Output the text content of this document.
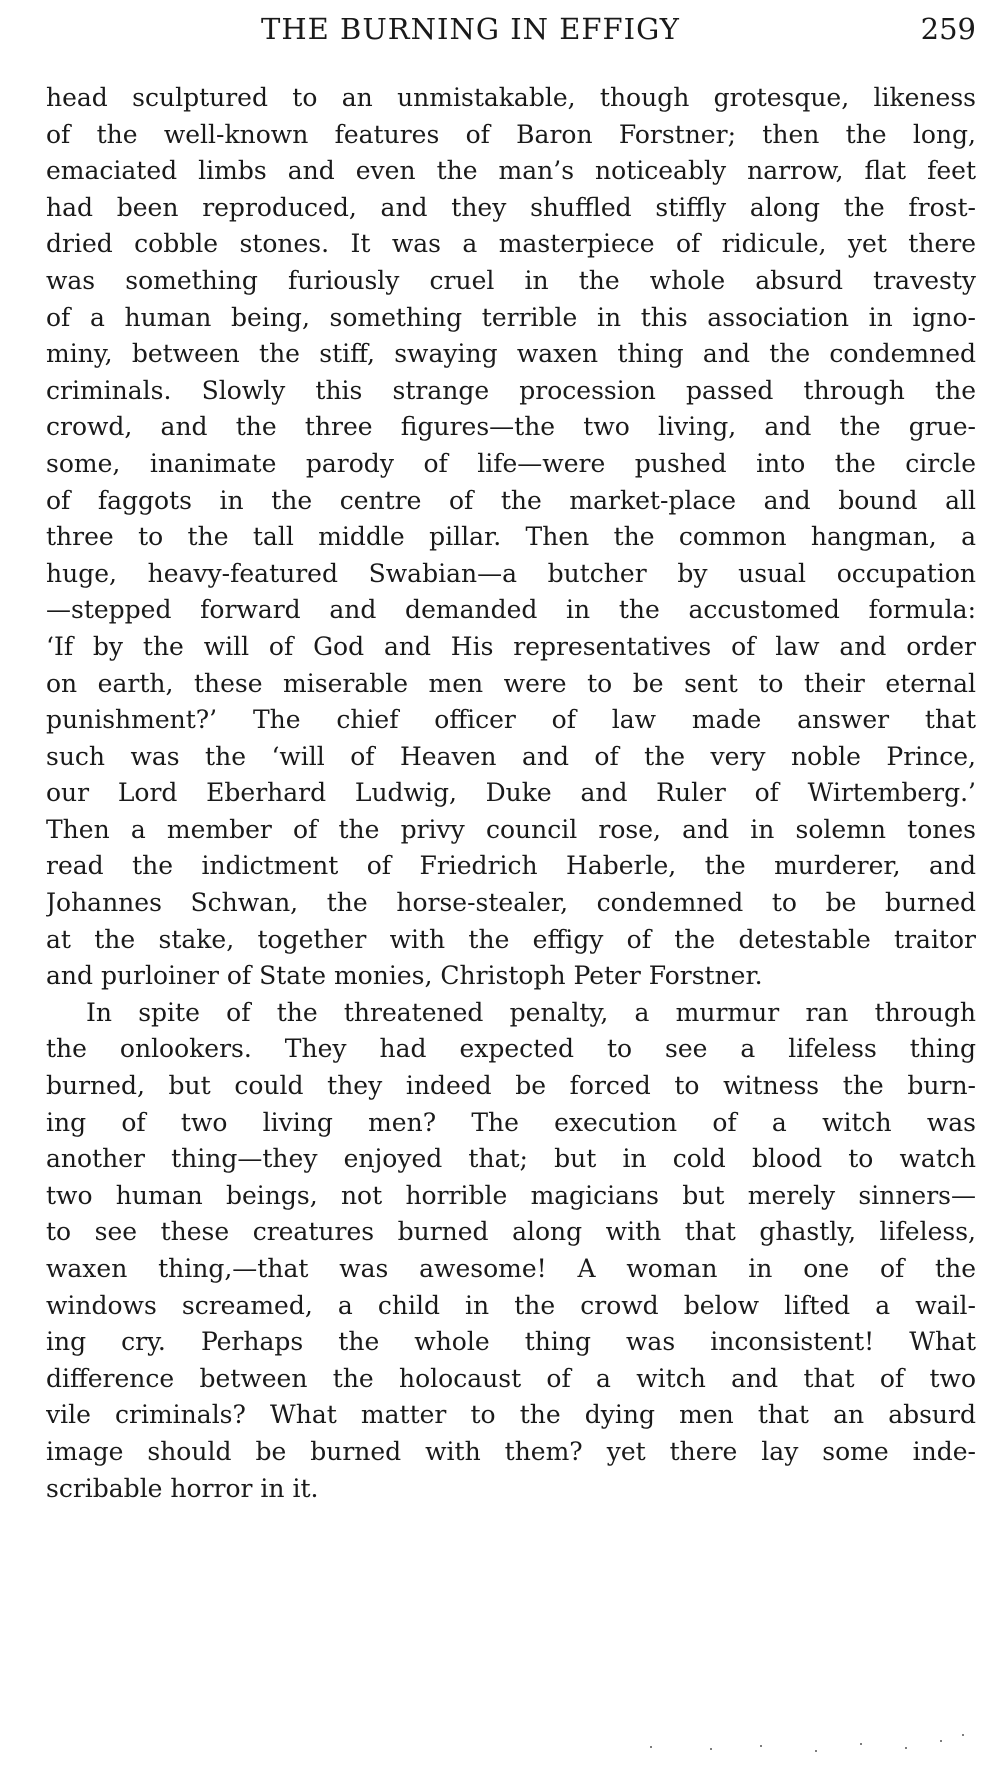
THE BURNING IN EFFIGY	259
head sculptured to an unmistakable, though grotesque, likeness
of the well-known features of Baron Forstner; then the long,
emaciated limbs and even the man’s noticeably narrow, flat feet
had been reproduced, and they shuffled stiffly along the frost-
dried cobble stones. It was a masterpiece of ridicule, yet there
was something furiously cruel in the whole absurd travesty
of a human being, something terrible in this association in igno-
miny, between the stiff, swaying waxen thing and the condemned
criminals. Slowly this strange procession passed through the
crowd, and the three figures—the two living, and the grue-
some, inanimate parody of life—were pushed into the circle
of faggots in the centre of the market-place and bound all
three to the tall middle pillar. Then the common hangman, a
huge, heavy-featured Swabian—a butcher by usual occupation
—stepped forward and demanded in the accustomed formula:
‘If by the will of God and His representatives of law and order
on earth, these miserable men were to be sent to their eternal
punishment?’ The chief officer of law made answer that
such was the ‘will of Heaven and of the very noble Prince,
our Lord Eberhard Ludwig, Duke and Ruler of Wirtemberg.’
Then a member of the privy council rose, and in solemn tones
read the indictment of Friedrich Haberle, the murderer, and
Johannes Schwan, the horse-stealer, condemned to be burned
at the stake, together with the effigy of the detestable traitor
and purloiner of State monies, Christoph Peter Forstner.
In spite of the threatened penalty, a murmur ran through
the onlookers. They had expected to see a lifeless thing
burned, but could they indeed be forced to witness the burn-
ing of two living men? The execution of a witch was
another thing—they enjoyed that; but in cold blood to watch
two human beings, not horrible magicians but merely sinners—
to see these creatures burned along with that ghastly, lifeless,
waxen thing,—that was awesome! A woman in one of the
windows screamed, a child in the crowd below lifted a wail-
ing cry. Perhaps the whole thing was inconsistent! What
difference between the holocaust of a witch and that of two
vile criminals? What matter to the dying men that an absurd
image should be burned with them? yet there lay some inde-
scribable horror in it.
